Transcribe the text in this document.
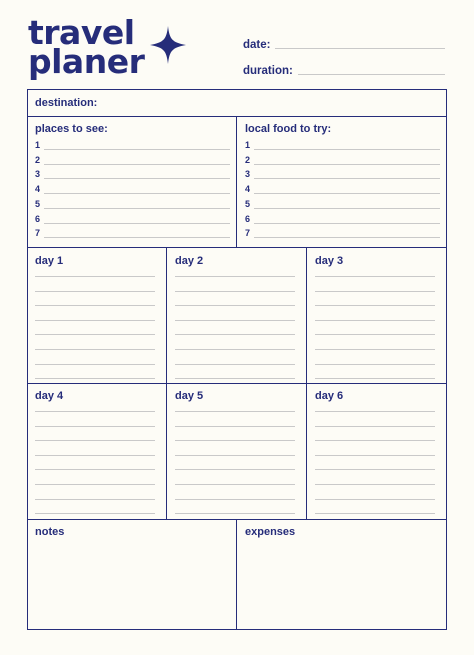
travel
planer	date:
duration:
destination:
places to see:
1
2
3
4
5
6
7
local food to try:
1
2
3
4
5
6
7
day 1	day 2	day 3
day 4	day 5	day 6
notes	expenses
